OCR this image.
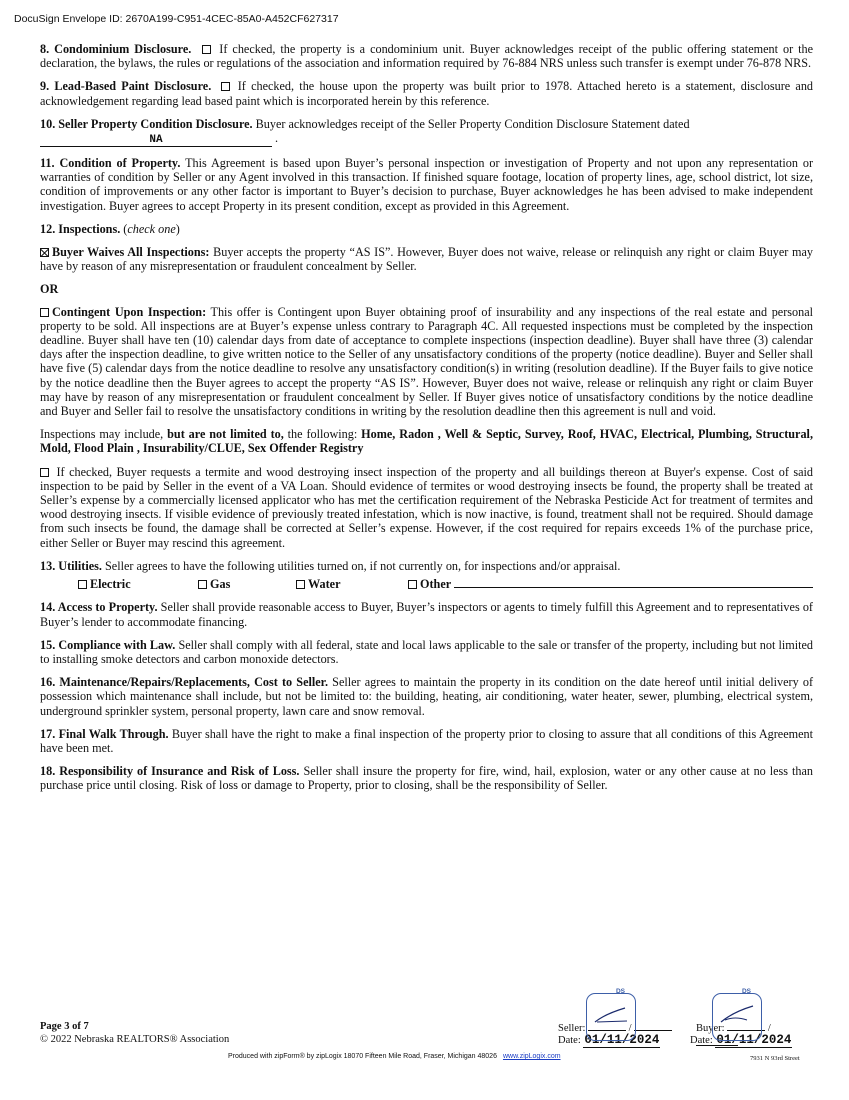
DocuSign Envelope ID: 2670A199-C951-4CEC-85A0-A452CF627317

8. Condominium Disclosure.  If checked, the property is a condominium unit. Buyer acknowledges receipt of the public offering statement or the declaration, the bylaws, the rules or regulations of the association and information required by 76-884 NRS unless such transfer is exempt under 76-878 NRS.

9. Lead-Based Paint Disclosure.  If checked, the house upon the property was built prior to 1978. Attached hereto is a statement, disclosure and acknowledgement regarding lead based paint which is incorporated herein by this reference.

10. Seller Property Condition Disclosure. Buyer acknowledges receipt of the Seller Property Condition Disclosure Statement dated
NA	.

11. Condition of Property. This Agreement is based upon Buyer’s personal inspection or investigation of Property and not upon any representation or warranties of condition by Seller or any Agent involved in this transaction. If finished square footage, location of property lines, age, school district, lot size, condition of improvements or any other factor is important to Buyer’s decision to purchase, Buyer acknowledges he has been advised to make independent investigation. Buyer agrees to accept Property in its present condition, except as provided in this Agreement.

12. Inspections. (check one)

Buyer Waives All Inspections: Buyer accepts the property “AS IS”. However, Buyer does not waive, release or relinquish any right or claim Buyer may have by reason of any misrepresentation or fraudulent concealment by Seller.

OR

Contingent Upon Inspection: This offer is Contingent upon Buyer obtaining proof of insurability and any inspections of the real estate and personal property to be sold. All inspections are at Buyer’s expense unless contrary to Paragraph 4C. All requested inspections must be completed by the inspection deadline. Buyer shall have ten (10) calendar days from date of acceptance to complete inspections (inspection deadline). Buyer shall have three (3) calendar days after the inspection deadline, to give written notice to the Seller of any unsatisfactory conditions of the property (notice deadline). Buyer and Seller shall have five (5) calendar days from the notice deadline to resolve any unsatisfactory condition(s) in writing (resolution deadline). If the Buyer fails to give notice by the notice deadline then the Buyer agrees to accept the property “AS IS”. However, Buyer does not waive, release or relinquish any right or claim Buyer may have by reason of any misrepresentation or fraudulent concealment by Seller. If Buyer gives notice of unsatisfactory conditions by the notice deadline and Buyer and Seller fail to resolve the unsatisfactory conditions in writing by the resolution deadline then this agreement is null and void.

Inspections may include, but are not limited to, the following: Home, Radon , Well & Septic, Survey, Roof, HVAC, Electrical, Plumbing, Structural, Mold, Flood Plain , Insurability/CLUE, Sex Offender Registry

If checked, Buyer requests a termite and wood destroying insect inspection of the property and all buildings thereon at Buyer's expense. Cost of said inspection to be paid by Seller in the event of a VA Loan. Should evidence of termites or wood destroying insects be found, the property shall be treated at Seller’s expense by a commercially licensed applicator who has met the certification requirement of the Nebraska Pesticide Act for treatment of termites and wood destroying insects. If visible evidence of previously treated infestation, which is now inactive, is found, treatment shall not be required. Should damage from such insects be found, the damage shall be corrected at Seller’s expense. However, if the cost required for repairs exceeds 1% of the purchase price, either Seller or Buyer may rescind this agreement.

13. Utilities. Seller agrees to have the following utilities turned on, if not currently on, for inspections and/or appraisal.

Electric	Gas	Water	Other

14. Access to Property. Seller shall provide reasonable access to Buyer, Buyer’s inspectors or agents to timely fulfill this Agreement and to representatives of Buyer’s lender to accommodate financing.

15. Compliance with Law. Seller shall comply with all federal, state and local laws applicable to the sale or transfer of the property, including but not limited to installing smoke detectors and carbon monoxide detectors.

16. Maintenance/Repairs/Replacements, Cost to Seller. Seller agrees to maintain the property in its condition on the date hereof until initial delivery of possession which maintenance shall include, but not be limited to: the building, heating, air conditioning, water heater, sewer, plumbing, electrical system, underground sprinkler system, personal property, lawn care and snow removal.

17. Final Walk Through. Buyer shall have the right to make a final inspection of the property prior to closing to assure that all conditions of this Agreement have been met.

18. Responsibility of Insurance and Risk of Loss. Seller shall insure the property for fire, wind, hail, explosion, water or any other cause at no less than purchase price until closing. Risk of loss or damage to Property, prior to closing, shall be the responsibility of Seller.

Page 3 of 7
© 2022 Nebraska REALTORS® Association
Seller:	/	Buyer:	/
Date: 01/11/2024	Date: 01/11/2024
DS	DS
Produced with zipForm® by zipLogix 18070 Fifteen Mile Road, Fraser, Michigan 48026 www.zipLogix.com	7931 N 93rd Street
